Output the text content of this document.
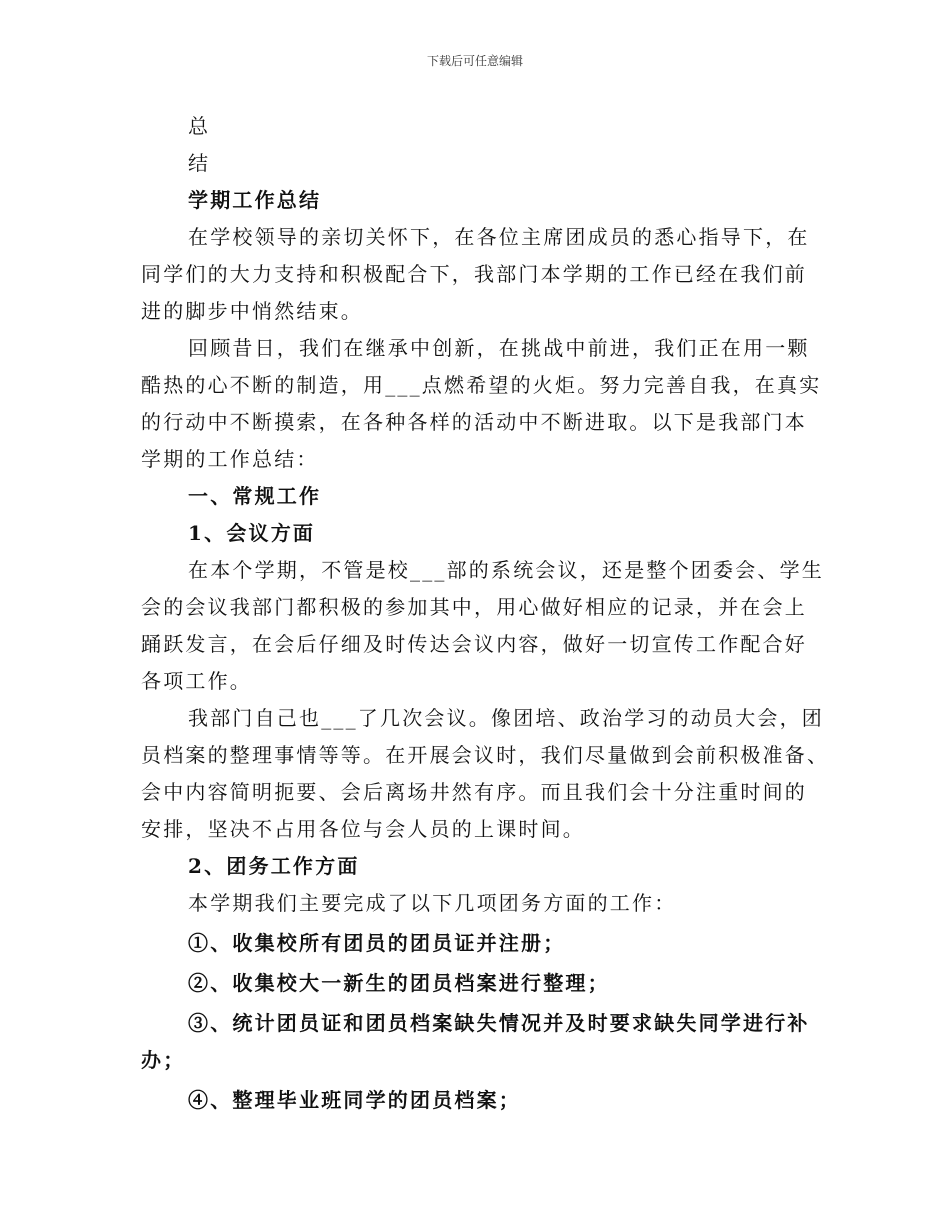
下载后可任意编辑
总
结
学期工作总结
在学校领导的亲切关怀下，在各位主席团成员的悉心指导下，在
同学们的大力支持和积极配合下，我部门本学期的工作已经在我们前
进的脚步中悄然结束。
回顾昔日，我们在继承中创新，在挑战中前进，我们正在用一颗
酷热的心不断的制造，用___点燃希望的火炬。努力完善自我，在真实
的行动中不断摸索，在各种各样的活动中不断进取。以下是我部门本
学期的工作总结：
一、常规工作
1、会议方面
在本个学期，不管是校___部的系统会议，还是整个团委会、学生
会的会议我部门都积极的参加其中，用心做好相应的记录，并在会上
踊跃发言，在会后仔细及时传达会议内容，做好一切宣传工作配合好
各项工作。
我部门自己也___了几次会议。像团培、政治学习的动员大会，团
员档案的整理事情等等。在开展会议时，我们尽量做到会前积极准备、
会中内容简明扼要、会后离场井然有序。而且我们会十分注重时间的
安排，坚决不占用各位与会人员的上课时间。
2、团务工作方面
本学期我们主要完成了以下几项团务方面的工作：
①、收集校所有团员的团员证并注册；
②、收集校大一新生的团员档案进行整理；
③、统计团员证和团员档案缺失情况并及时要求缺失同学进行补
办；
④、整理毕业班同学的团员档案；
